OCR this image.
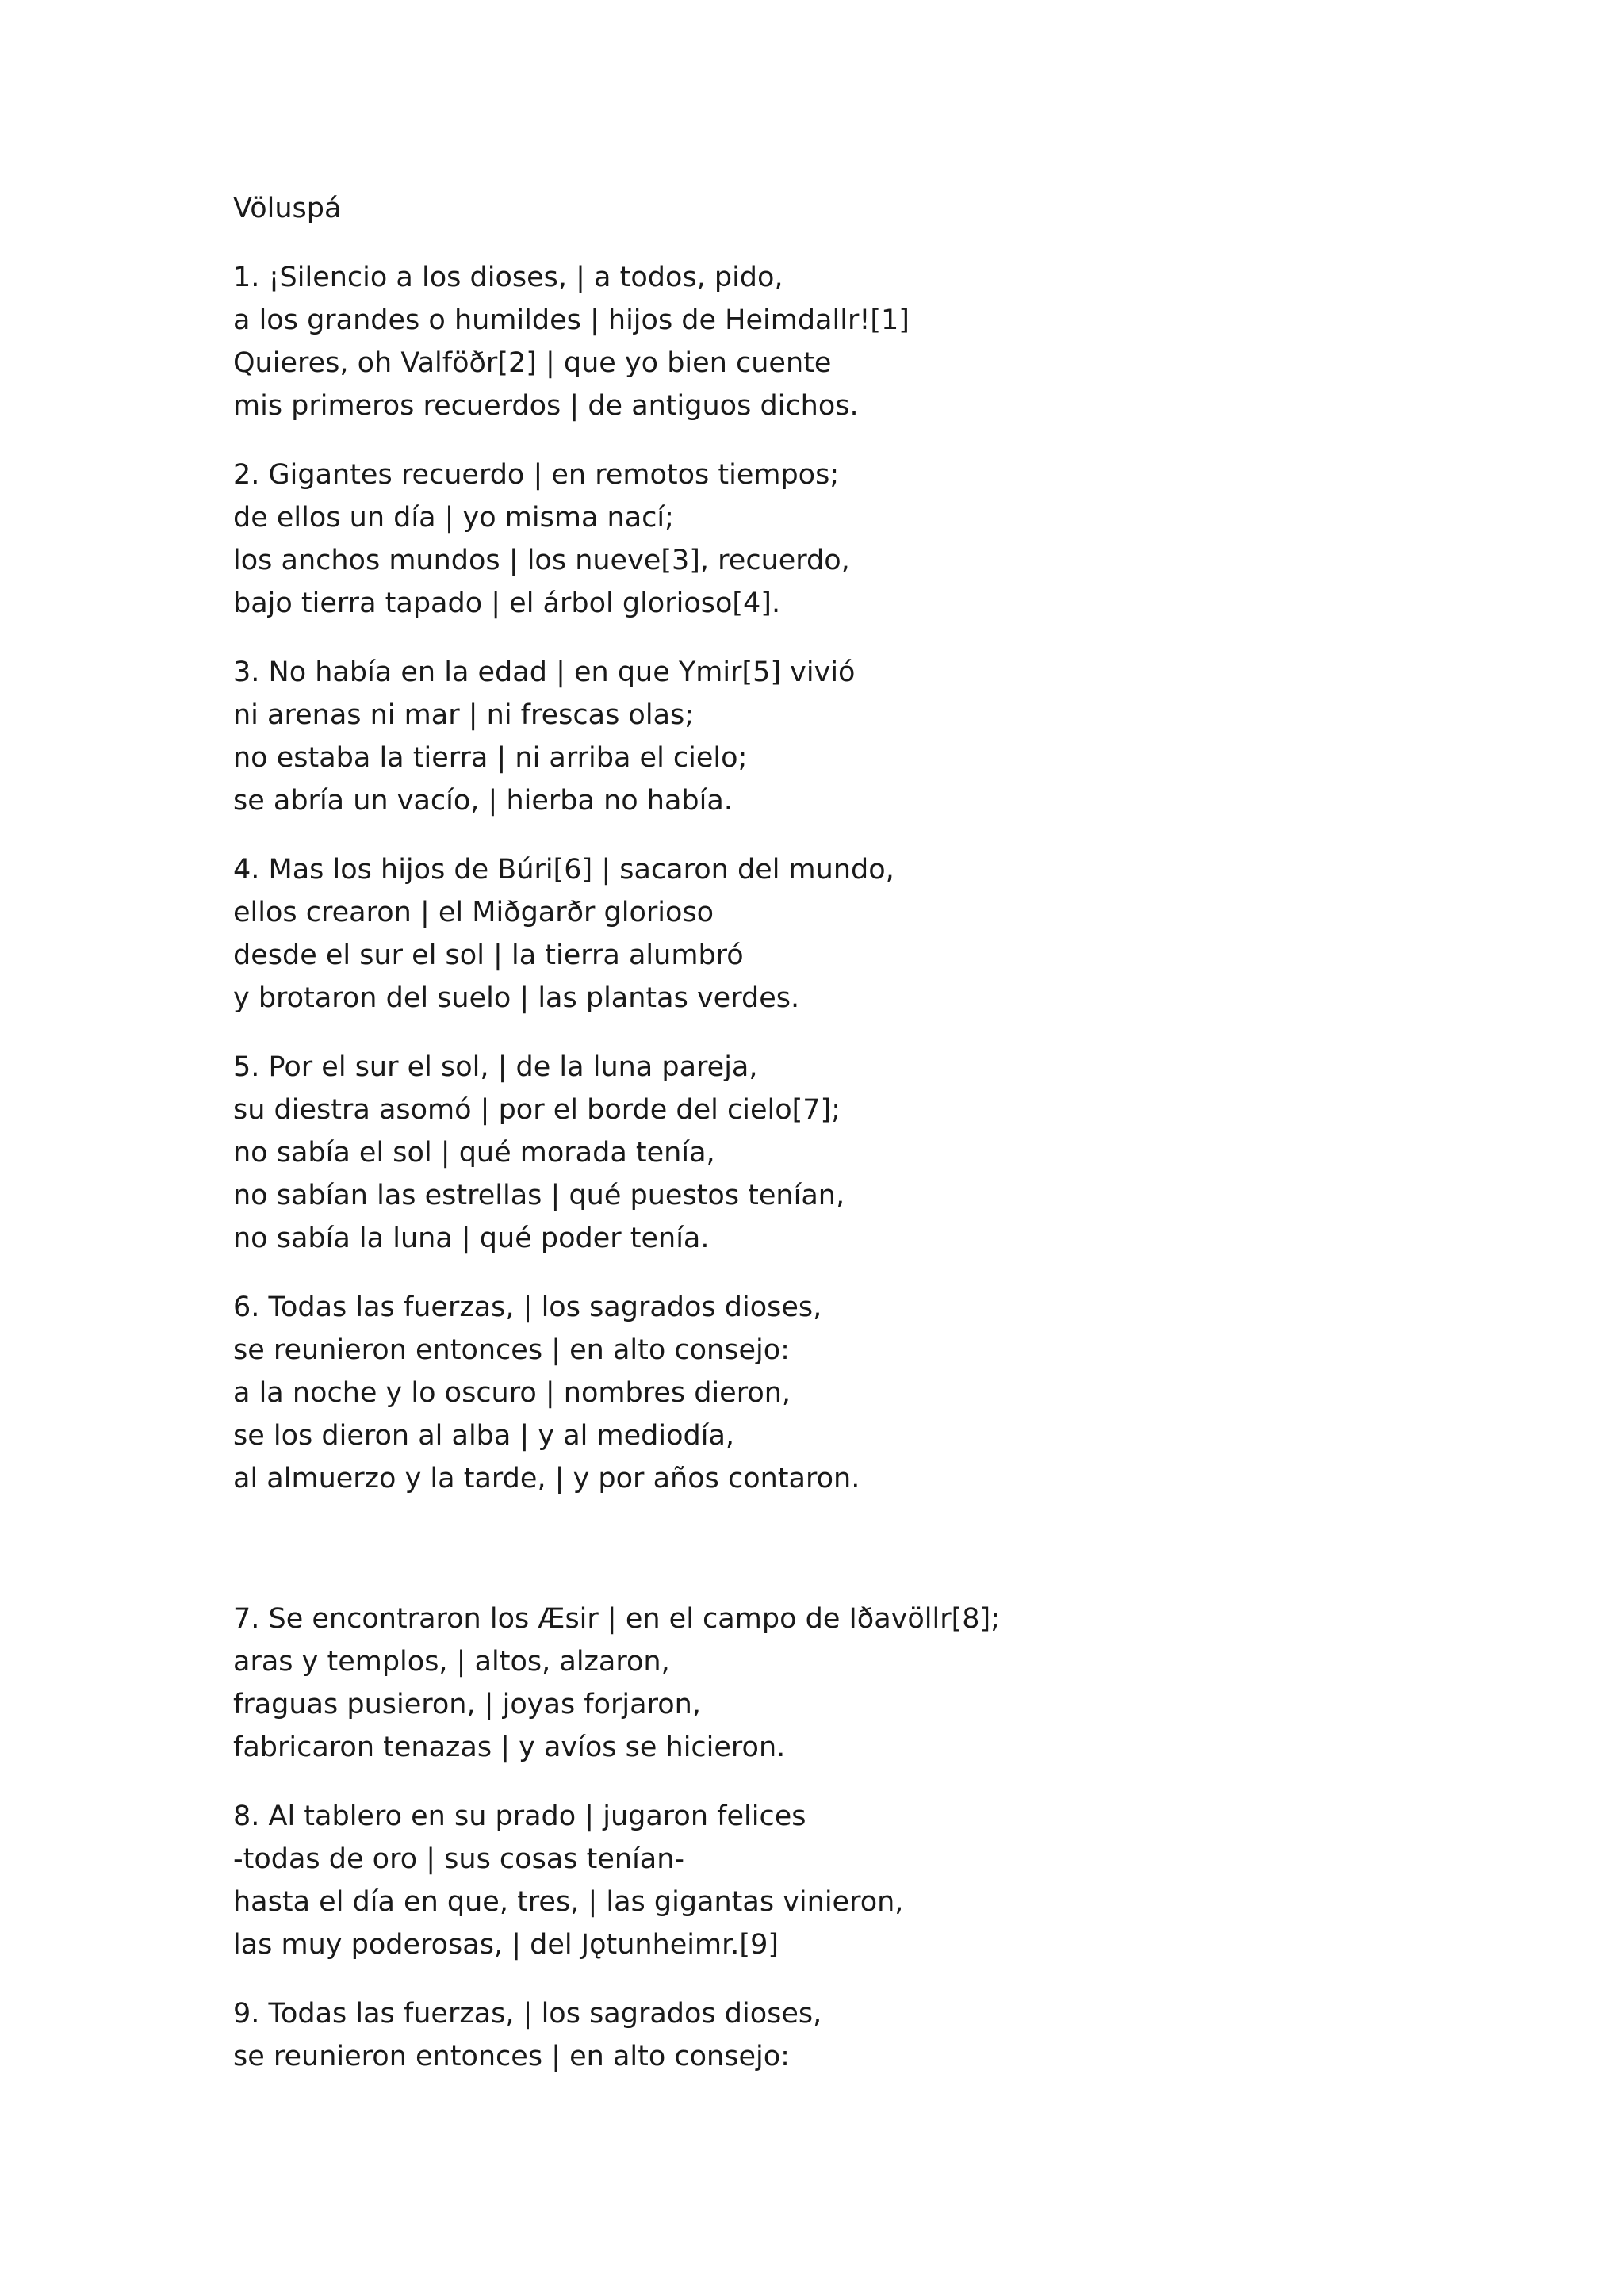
Völuspá
1. ¡Silencio a los dioses, | a todos, pido,
a los grandes o humildes | hijos de Heimdallr![1]
Quieres, oh Valföðr[2] | que yo bien cuente
mis primeros recuerdos | de antiguos dichos.
2. Gigantes recuerdo | en remotos tiempos;
de ellos un día | yo misma nací;
los anchos mundos | los nueve[3], recuerdo,
bajo tierra tapado | el árbol glorioso[4].
3. No había en la edad | en que Ymir[5] vivió
ni arenas ni mar | ni frescas olas;
no estaba la tierra | ni arriba el cielo;
se abría un vacío, | hierba no había.
4. Mas los hijos de Búri[6] | sacaron del mundo,
ellos crearon | el Miðgarðr glorioso
desde el sur el sol | la tierra alumbró
y brotaron del suelo | las plantas verdes.
5. Por el sur el sol, | de la luna pareja,
su diestra asomó | por el borde del cielo[7];
no sabía el sol | qué morada tenía,
no sabían las estrellas | qué puestos tenían,
no sabía la luna | qué poder tenía.
6. Todas las fuerzas, | los sagrados dioses,
se reunieron entonces | en alto consejo:
a la noche y lo oscuro | nombres dieron,
se los dieron al alba | y al mediodía,
al almuerzo y la tarde, | y por años contaron.
7. Se encontraron los Æsir | en el campo de Iðavöllr[8];
aras y templos, | altos, alzaron,
fraguas pusieron, | joyas forjaron,
fabricaron tenazas | y avíos se hicieron.
8. Al tablero en su prado | jugaron felices
-todas de oro | sus cosas tenían-
hasta el día en que, tres, | las gigantas vinieron,
las muy poderosas, | del Jǫtunheimr.[9]
9. Todas las fuerzas, | los sagrados dioses,
se reunieron entonces | en alto consejo:
